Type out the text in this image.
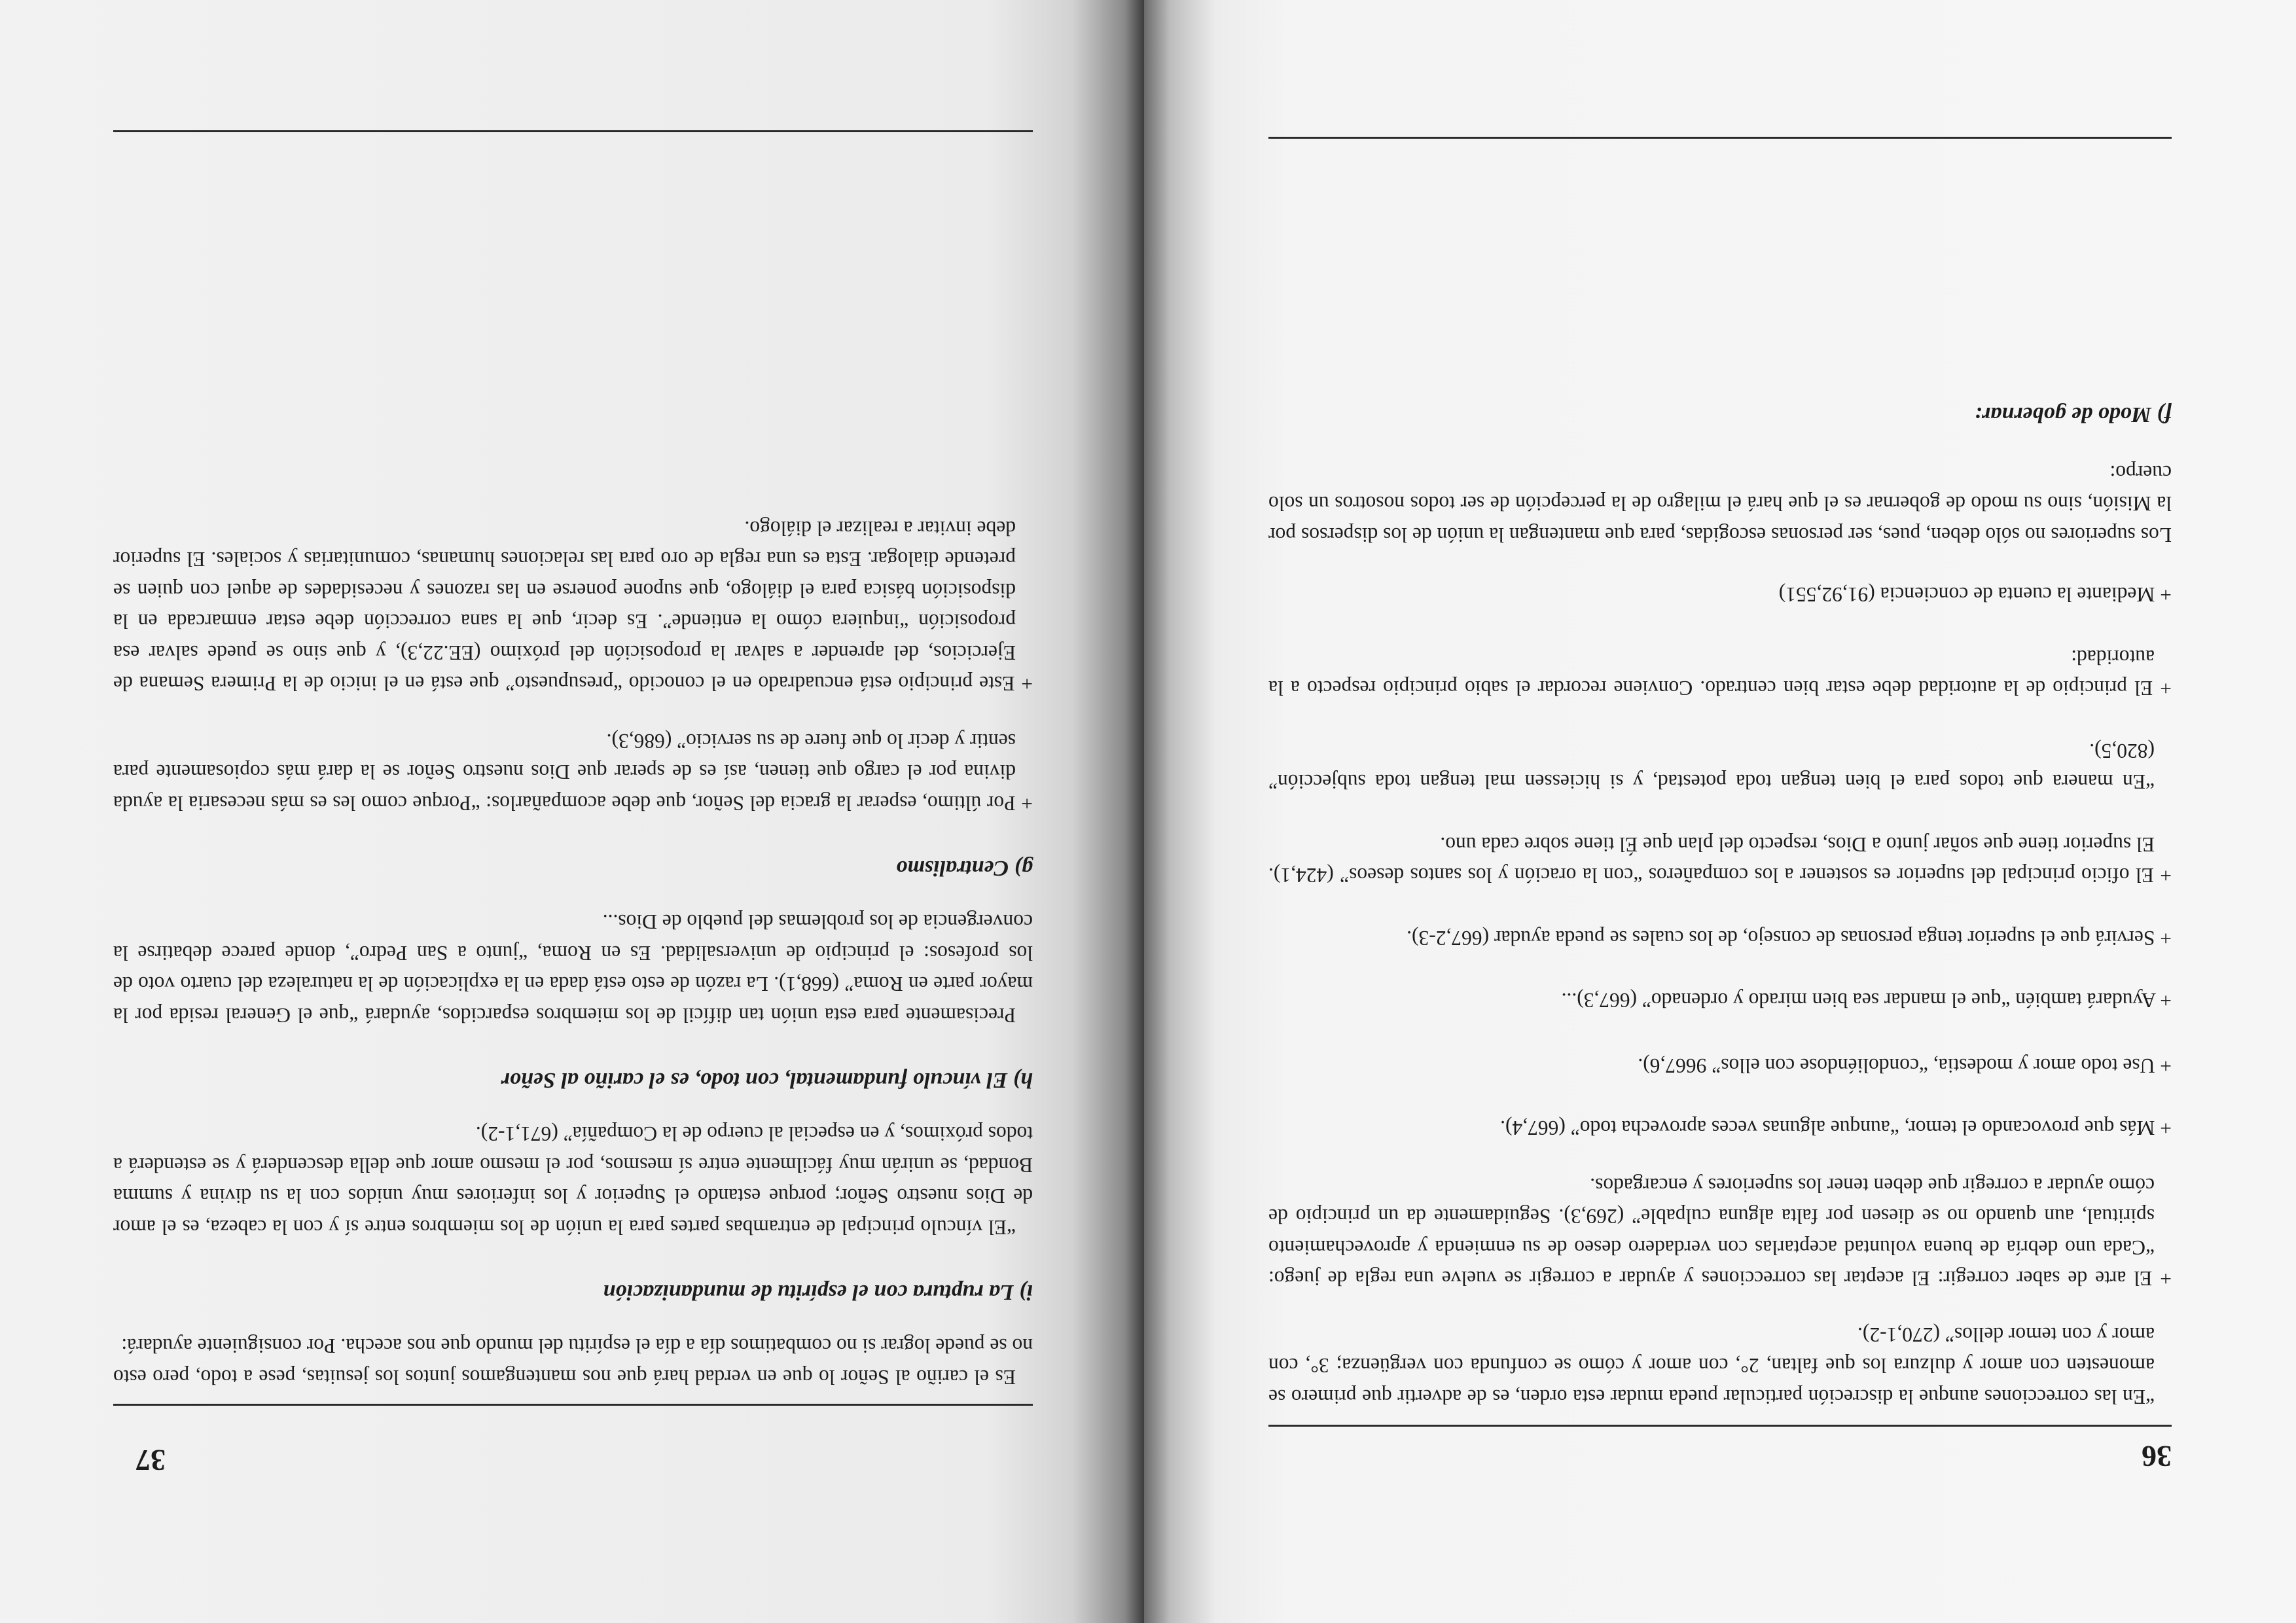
36

“En las correcciones aunque la discreción particular pueda mudar esta orden, es de advertir que primero se amonesten con amor y dulzura los que faltan, 2°, con amor y cómo se confunda con vergüenza; 3°, con amor y con temor dellos” (270,1-2).

+ El arte de saber corregir: El aceptar las correcciones y ayudar a corregir se vuelve una regla de juego: “Cada uno debría de buena voluntad aceptarlas con verdadero deseo de su enmienda y aprovechamiento spiritual, aun quando no se diesen por falta alguna culpable” (269,3). Seguidamente da un principio de cómo ayudar a corregir que deben tener los superiores y encargados.

+ Más que provocando el temor, “aunque algunas veces aprovecha todo” (667,4).

+ Use todo amor y modestia, “condoliéndose con ellos” 9667,6).

+ Ayudará también “que el mandar sea bien mirado y ordenado” (667,3)...

+ Servirá que el superior tenga personas de consejo, de los cuales se pueda ayudar (667,2-3).

+ El oficio principal del superior es sostener a los compañeros “con la oración y los santos deseos” (424,1). El superior tiene que soñar junto a Dios, respecto del plan que Él tiene sobre cada uno.

“En manera que todos para el bien tengan toda potestad, y si hiciessen mal tengan toda subjección” (820,5).

+ El principio de la autoridad debe estar bien centrado. Conviene recordar el sabio principio respecto a la autoridad:

+ Mediante la cuenta de conciencia (91,92,551)

Los superiores no sólo deben, pues, ser personas escogidas, para que mantengan la unión de los dispersos por la Misión, sino su modo de gobernar es el que hará el milagro de la percepción de ser todos nosotros un solo cuerpo:

f) Modo de gobernar:
37

Es el cariño al Señor lo que en verdad hará que nos mantengamos juntos los jesuitas, pese a todo, pero esto no se puede lograr si no combatimos día a día el espíritu del mundo que nos acecha. Por consiguiente ayudará:

i) La ruptura con el espíritu de mundanización

“El vínculo principal de entrambas partes para la unión de los miembros entre sí y con la cabeza, es el amor de Dios nuestro Señor; porque estando el Superior y los inferiores muy unidos con la su divina y summa Bondad, se unirán muy fácilmente entre sí mesmos, por el mesmo amor que della descenderá y se estenderá a todos próximos, y en especial al cuerpo de la Compañía” (671,1-2).

h) El vínculo fundamental, con todo, es el cariño al Señor

Precisamente para esta unión tan difícil de los miembros esparcidos, ayudará “que el General resida por la mayor parte en Roma” (668,1). La razón de esto está dada en la explicación de la naturaleza del cuarto voto de los profesos: el principio de universalidad. Es en Roma, “junto a San Pedro”, donde parece debatirse la convergencia de los problemas del pueblo de Dios...

g) Centralismo

+ Por último, esperar la gracia del Señor, que debe acompañarlos: “Porque como les es más necesaria la ayuda divina por el cargo que tienen, así es de sperar que Dios nuestro Señor se la dará más copiosamente para sentir y decir lo que fuere de su servicio” (686,3).

+ Este principio está encuadrado en el conocido “presupuesto” que está en el inicio de la Primera Semana de Ejercicios, del aprender a salvar la proposición del próximo (EE.22,3), y que sino se puede salvar esa proposición “inquiera cómo la entiende”. Es decir, que la sana corrección debe estar enmarcada en la disposición básica para el diálogo, que supone ponerse en las razones y necesidades de aquel con quien se pretende dialogar. Esta es una regla de oro para las relaciones humanas, comunitarias y sociales. El superior debe invitar a realizar el diálogo.
